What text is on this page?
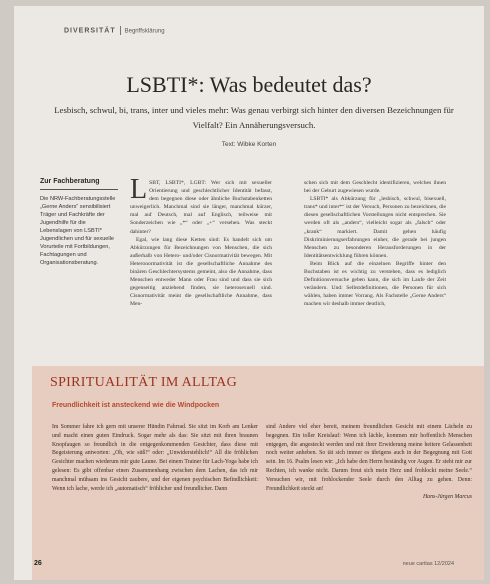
DIVERSITÄT Begriffsklärung
LSBTI*: Was bedeutet das?
Lesbisch, schwul, bi, trans, inter und vieles mehr: Was genau verbirgt sich hinter den diversen Bezeichnungen für Vielfalt? Ein Annäherungsversuch.
Text: Wibke Korten
Zur Fachberatung

Die NRW-Fachberatungsstelle „Gerne Anders“ sensibilisiert Träger und Fachkräfte der Jugendhilfe für die Lebenslagen von LSBTI* Jugendlichen und für sexuelle Vorurteile mit Fortbildungen, Fachtagungen und Organisationsberatung.

LSBT, LSBTI*, LGBT: Wer sich mit sexueller Orientierung und geschlechtlicher Identität befasst, dem begegnen diese oder ähnliche Buchstabenketten unweigerlich. Manchmal sind sie länger, manchmal kürzer, mal auf Deutsch, mal auf Englisch, teilweise mit Sonderzeichen wie „*“ oder „+“ versehen. Was steckt dahinter?

Egal, wie lang diese Ketten sind: Es handelt sich um Abkürzungen für Bezeichnungen von Menschen, die sich außerhalb von Hetero- und/oder Cisnormativität bewegen. Mit Heteronormativität ist die gesellschaftliche Annahme des binären Geschlechtersystems gemeint, also die Annahme, dass Menschen entweder Mann oder Frau sind und dass sie sich gegenseitig anziehend finden, sie heterosexuell sind. Cisnormativität meint die gesellschaftliche Annahme, dass Men-

schen sich mit dem Geschlecht identifizieren, welches ihnen bei der Geburt zugewiesen wurde.

LSBTI* als Abkürzung für „lesbisch, schwul, bisexuell, trans* und inter*“ ist der Versuch, Personen zu bezeichnen, die diesen gesellschaftlichen Vorstellungen nicht entsprechen. Sie werden oft als „anders“, vielleicht sogar als „falsch“ oder „krank“ markiert. Damit gehen häufig Diskriminierungserfahrungen einher, die gerade bei jungen Menschen zu besonderen Herausforderungen in der Identitätsentwicklung führen können.

Beim Blick auf die einzelnen Begriffe hinter den Buchstaben ist es wichtig zu verstehen, dass es lediglich Definitionsversuche geben kann, die sich im Laufe der Zeit verändern. Und: Selbstdefinitionen, die Personen für sich wählen, haben immer Vorrang. Als Fachstelle „Gerne Anders“ machen wir deshalb immer deutlich,

SPIRITUALITÄT IM ALLTAG
Freundlichkeit ist ansteckend wie die Windpocken

Im Sommer fahre ich gern mit unserer Hündin Fahrrad. Sie sitzt im Korb am Lenker und macht einen guten Eindruck. Sogar mehr als das: Sie sitzt mit ihren braunen Knopfaugen so freundlich in die entgegenkommenden Gesichter, dass diese mit Begeisterung antworten: „Oh, wie süß!“ oder: „Unwiderstehlich!“ All die fröhlichen Gesichter machen wiederum mir gute Laune. Bei einem Trainer für Lach-Yoga habe ich gelesen: Es gibt offenbar einen Zusammenhang zwischen dem Lachen, das ich mir manchmal mühsam ins Gesicht zaubere, und der eigenen psychischen Befindlichkeit: Wenn ich lache, werde ich „automatisch“ fröhlicher und freundlicher. Dann

sind Andere viel eher bereit, meinem freundlichen Gesicht mit einem Lächeln zu begegnen. Ein toller Kreislauf: Wenn ich lächle, kommen mir hoffentlich Menschen entgegen, die angesteckt werden und mit ihrer Erwiderung meine heitere Gelassenheit noch weiter anheben. So tät sich immer es übrigens auch in der Begegnung mit Gott sein. Im 16. Psalm lesen wir: „Ich habe den Herrn beständig vor Augen. Er steht mir zur Rechten, ich wanke nicht. Darum freut sich mein Herz und frohlockt meine Seele.“ Versuchen wir, mit frohlockender Seele durch den Alltag zu gehen. Denn: Freundlichkeit steckt an!

Hans-Jürgen Marcus
26	neue caritas 12/2024
